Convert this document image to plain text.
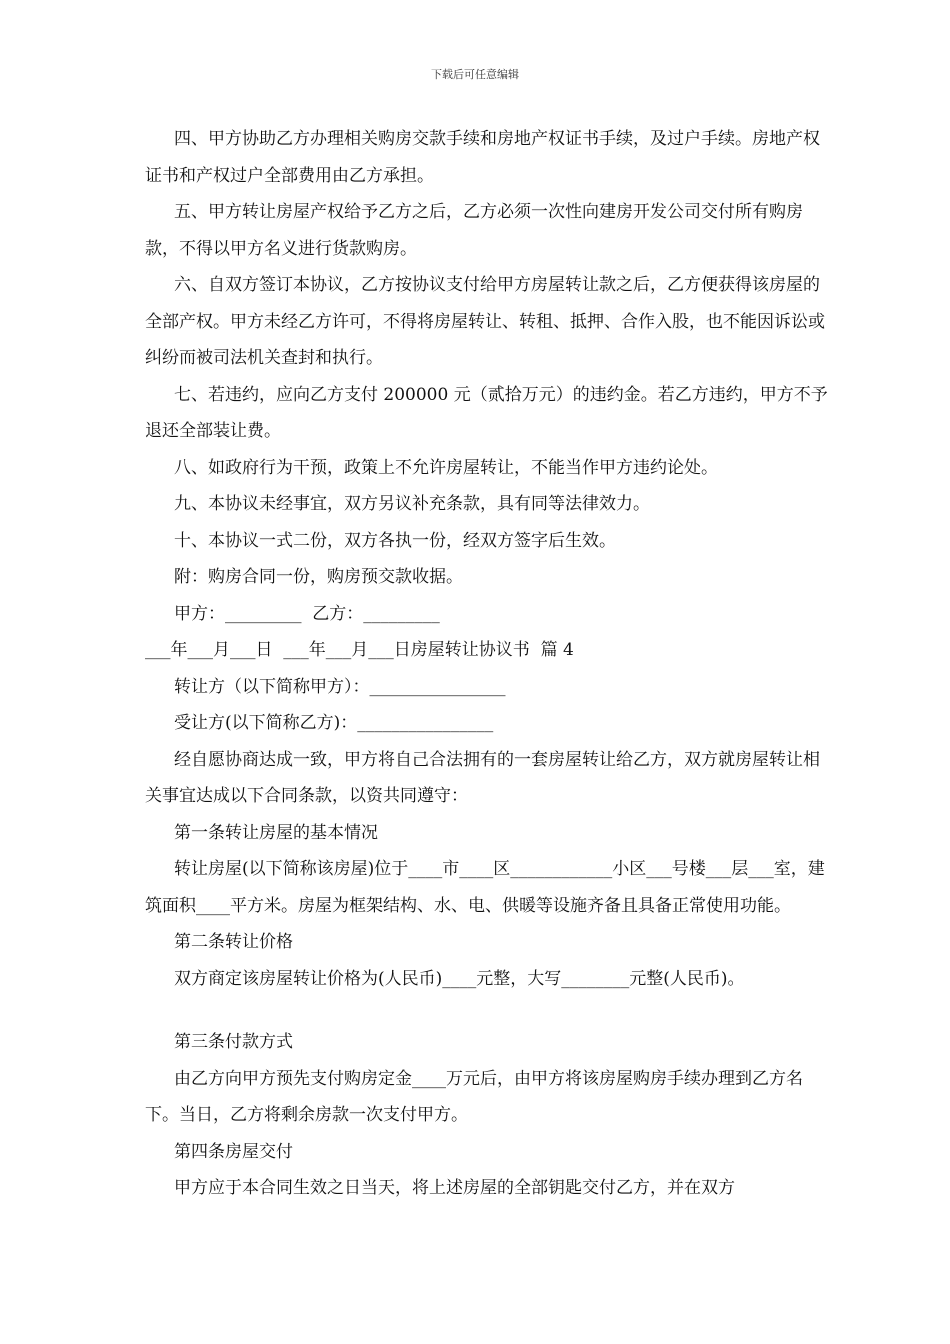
下载后可任意编辑

四、甲方协助乙方办理相关购房交款手续和房地产权证书手续，及过户手续。房地产权证书和产权过户全部费用由乙方承担。

五、甲方转让房屋产权给予乙方之后，乙方必须一次性向建房开发公司交付所有购房款，不得以甲方名义进行货款购房。

六、自双方签订本协议，乙方按协议支付给甲方房屋转让款之后，乙方便获得该房屋的全部产权。甲方未经乙方许可，不得将房屋转让、转租、抵押、合作入股，也不能因诉讼或纠纷而被司法机关查封和执行。

七、若违约，应向乙方支付 200000 元（贰拾万元）的违约金。若乙方违约，甲方不予退还全部装让费。

八、如政府行为干预，政策上不允许房屋转让，不能当作甲方违约论处。

九、本协议未经事宜，双方另议补充条款，具有同等法律效力。

十、本协议一式二份，双方各执一份，经双方签字后生效。

附：购房合同一份，购房预交款收据。

甲方：_________  乙方：_________

___年___月___日  ___年___月___日房屋转让协议书  篇 4

转让方（以下简称甲方）：________________

受让方(以下简称乙方)：________________

经自愿协商达成一致，甲方将自己合法拥有的一套房屋转让给乙方，双方就房屋转让相关事宜达成以下合同条款，以资共同遵守：

第一条转让房屋的基本情况

转让房屋(以下简称该房屋)位于____市____区____________小区___号楼___层___室，建筑面积____平方米。房屋为框架结构、水、电、供暖等设施齐备且具备正常使用功能。

第二条转让价格

双方商定该房屋转让价格为(人民币)____元整，大写________元整(人民币)。

第三条付款方式

由乙方向甲方预先支付购房定金____万元后，由甲方将该房屋购房手续办理到乙方名下。当日，乙方将剩余房款一次支付甲方。

第四条房屋交付

甲方应于本合同生效之日当天，将上述房屋的全部钥匙交付乙方，并在双方
